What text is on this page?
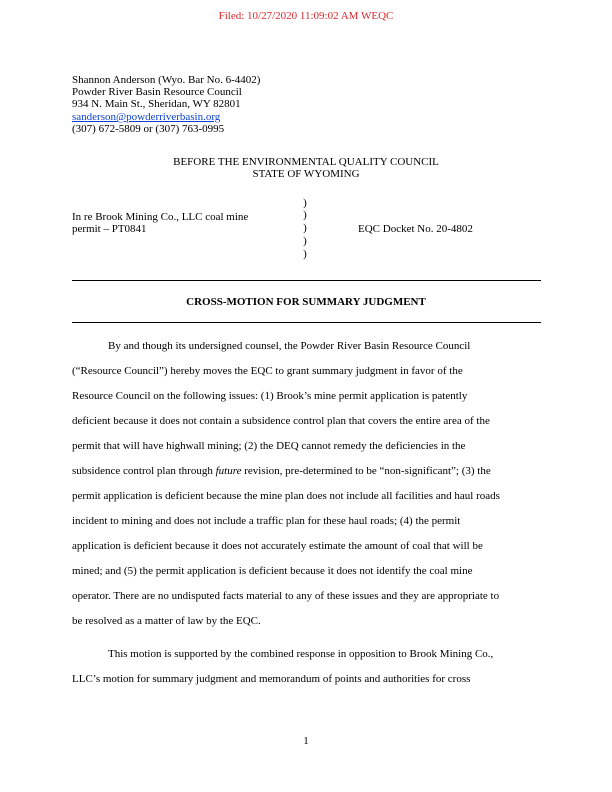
Filed: 10/27/2020 11:09:02 AM WEQC
Shannon Anderson (Wyo. Bar No. 6-4402)
Powder River Basin Resource Council
934 N. Main St., Sheridan, WY 82801
sanderson@powderriverbasin.org
(307) 672-5809 or (307) 763-0995
BEFORE THE ENVIRONMENTAL QUALITY COUNCIL
STATE OF WYOMING
In re Brook Mining Co., LLC coal mine
permit – PT0841
)
)
)
)
)
EQC Docket No. 20-4802
CROSS-MOTION FOR SUMMARY JUDGMENT
By and though its undersigned counsel, the Powder River Basin Resource Council
(“Resource Council”) hereby moves the EQC to grant summary judgment in favor of the
Resource Council on the following issues: (1) Brook’s mine permit application is patently
deficient because it does not contain a subsidence control plan that covers the entire area of the
permit that will have highwall mining; (2) the DEQ cannot remedy the deficiencies in the
subsidence control plan through future revision, pre-determined to be “non-significant”; (3) the
permit application is deficient because the mine plan does not include all facilities and haul roads
incident to mining and does not include a traffic plan for these haul roads; (4) the permit
application is deficient because it does not accurately estimate the amount of coal that will be
mined; and (5) the permit application is deficient because it does not identify the coal mine
operator. There are no undisputed facts material to any of these issues and they are appropriate to
be resolved as a matter of law by the EQC.
This motion is supported by the combined response in opposition to Brook Mining Co.,
LLC’s motion for summary judgment and memorandum of points and authorities for cross
1
